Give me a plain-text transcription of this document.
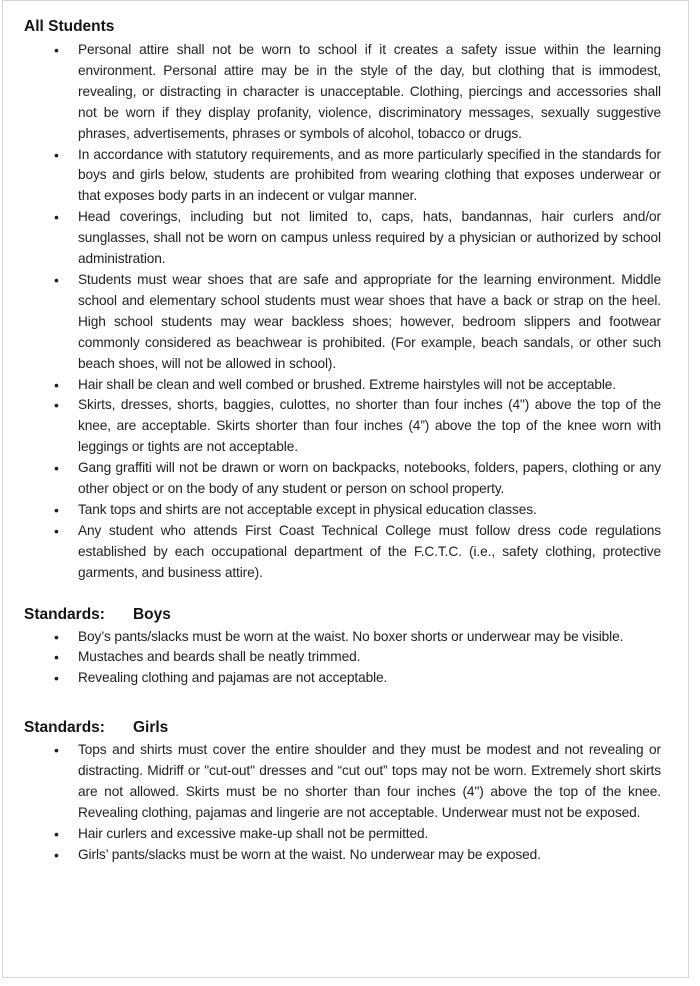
All Students
• Personal attire shall not be worn to school if it creates a safety issue within the learning environment. Personal attire may be in the style of the day, but clothing that is immodest, revealing, or distracting in character is unacceptable. Clothing, piercings and accessories shall not be worn if they display profanity, violence, discriminatory messages, sexually suggestive phrases, advertisements, phrases or symbols of alcohol, tobacco or drugs.
• In accordance with statutory requirements, and as more particularly specified in the standards for boys and girls below, students are prohibited from wearing clothing that exposes underwear or that exposes body parts in an indecent or vulgar manner.
• Head coverings, including but not limited to, caps, hats, bandannas, hair curlers and/or sunglasses, shall not be worn on campus unless required by a physician or authorized by school administration.
• Students must wear shoes that are safe and appropriate for the learning environment. Middle school and elementary school students must wear shoes that have a back or strap on the heel. High school students may wear backless shoes; however, bedroom slippers and footwear commonly considered as beachwear is prohibited. (For example, beach sandals, or other such beach shoes, will not be allowed in school).
• Hair shall be clean and well combed or brushed. Extreme hairstyles will not be acceptable.
• Skirts, dresses, shorts, baggies, culottes, no shorter than four inches (4") above the top of the knee, are acceptable. Skirts shorter than four inches (4”) above the top of the knee worn with leggings or tights are not acceptable.
• Gang graffiti will not be drawn or worn on backpacks, notebooks, folders, papers, clothing or any other object or on the body of any student or person on school property.
• Tank tops and shirts are not acceptable except in physical education classes.
• Any student who attends First Coast Technical College must follow dress code regulations established by each occupational department of the F.C.T.C. (i.e., safety clothing, protective garments, and business attire).
Standards: Boys
• Boy’s pants/slacks must be worn at the waist. No boxer shorts or underwear may be visible.
• Mustaches and beards shall be neatly trimmed.
• Revealing clothing and pajamas are not acceptable.
Standards: Girls
• Tops and shirts must cover the entire shoulder and they must be modest and not revealing or distracting. Midriff or "cut-out" dresses and “cut out” tops may not be worn. Extremely short skirts are not allowed. Skirts must be no shorter than four inches (4") above the top of the knee. Revealing clothing, pajamas and lingerie are not acceptable. Underwear must not be exposed.
• Hair curlers and excessive make-up shall not be permitted.
• Girls’ pants/slacks must be worn at the waist. No underwear may be exposed.
